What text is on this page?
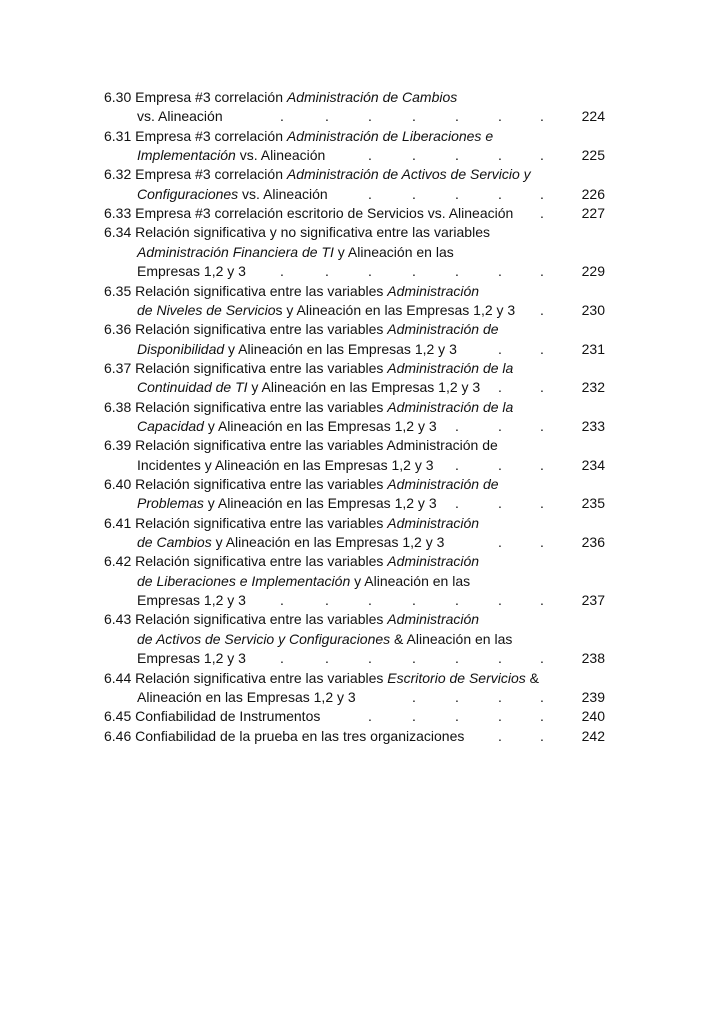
6.30 Empresa #3 correlación Administración de Cambios
vs. Alineación	.	.	.	.	.	.	.	224
6.31 Empresa #3 correlación Administración de Liberaciones e
Implementación vs. Alineación	.	.	.	.	.	225
6.32 Empresa #3 correlación Administración de Activos de Servicio y
Configuraciones vs. Alineación	.	.	.	.	.	226
6.33 Empresa #3 correlación escritorio de Servicios vs. Alineación .	227
6.34 Relación significativa y no significativa entre las variables
Administración Financiera de TI y Alineación en las
Empresas 1,2 y 3 .	.	.	.	.	.	.	229
6.35 Relación significativa entre las variables Administración
de Niveles de Servicios y Alineación en las Empresas 1,2 y 3 .	230
6.36 Relación significativa entre las variables Administración de
Disponibilidad y Alineación en las Empresas 1,2 y 3	.	.	231
6.37 Relación significativa entre las variables Administración de la
Continuidad de TI y Alineación en las Empresas 1,2 y 3 .	.	232
6.38 Relación significativa entre las variables Administración de la
Capacidad y Alineación en las Empresas 1,2 y 3 .	.	.	233
6.39 Relación significativa entre las variables Administración de
Incidentes y Alineación en las Empresas 1,2 y 3 .	.	.	234
6.40 Relación significativa entre las variables Administración de
Problemas y Alineación en las Empresas 1,2 y 3 .	.	.	235
6.41 Relación significativa entre las variables Administración
de Cambios y Alineación en las Empresas 1,2 y 3	.	.	236
6.42 Relación significativa entre las variables Administración
de Liberaciones e Implementación y Alineación en las
Empresas 1,2 y 3 .	.	.	.	.	.	.	237
6.43 Relación significativa entre las variables Administración
de Activos de Servicio y Configuraciones & Alineación en las
Empresas 1,2 y 3 .	.	.	.	.	.	.	238
6.44 Relación significativa entre las variables Escritorio de Servicios &
Alineación en las Empresas 1,2 y 3	.	.	.	.	239
6.45 Confiabilidad de Instrumentos	.	.	.	.	.	240
6.46 Confiabilidad de la prueba en las tres organizaciones .	.	242
